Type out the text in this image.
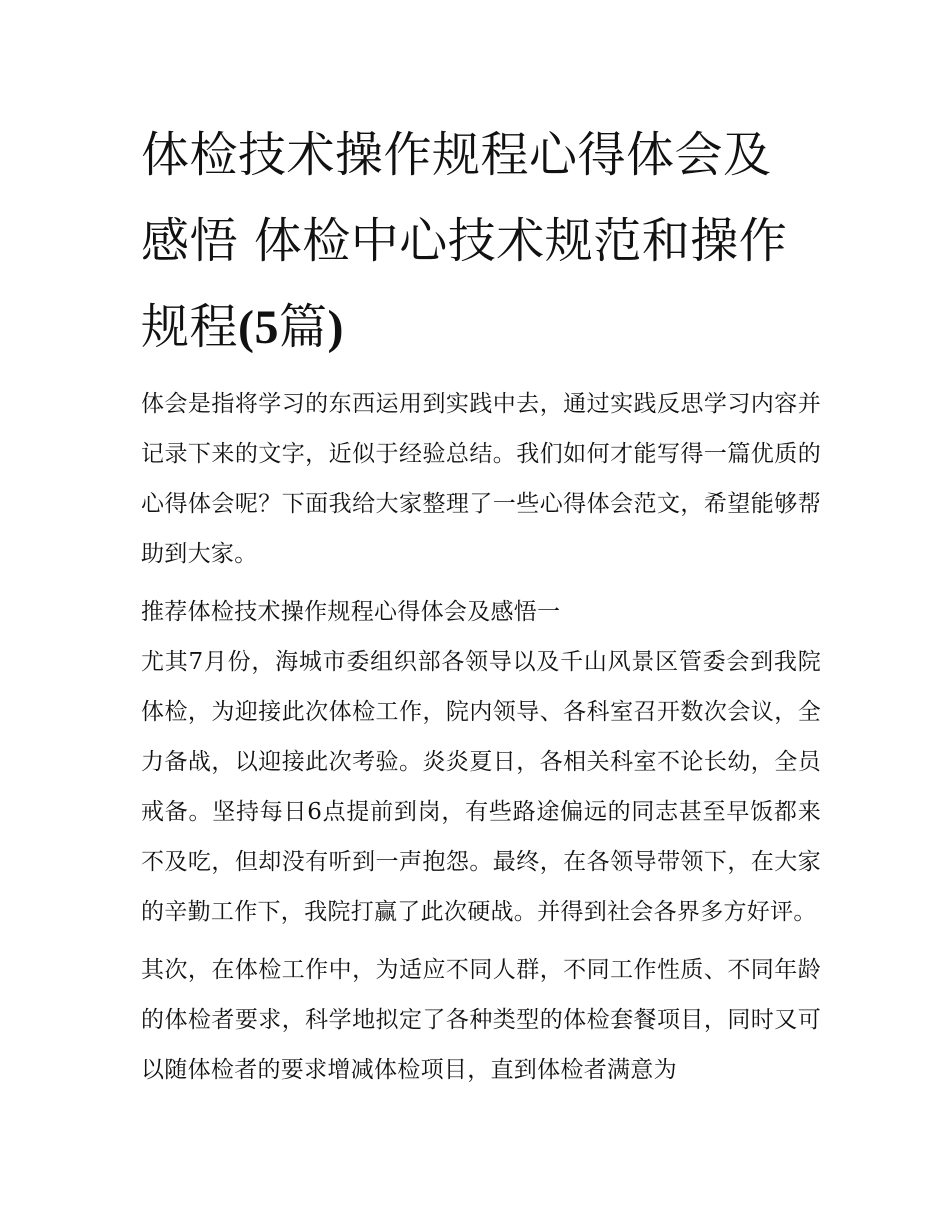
体检技术操作规程心得体会及
感悟 体检中心技术规范和操作
规程(5篇)

体会是指将学习的东西运用到实践中去，通过实践反思学习内容并记录下来的文字，近似于经验总结。我们如何才能写得一篇优质的心得体会呢？下面我给大家整理了一些心得体会范文，希望能够帮助到大家。

推荐体检技术操作规程心得体会及感悟一

尤其7月份，海城市委组织部各领导以及千山风景区管委会到我院体检，为迎接此次体检工作，院内领导、各科室召开数次会议，全力备战，以迎接此次考验。炎炎夏日，各相关科室不论长幼，全员戒备。坚持每日6点提前到岗，有些路途偏远的同志甚至早饭都来不及吃，但却没有听到一声抱怨。最终，在各领导带领下，在大家的辛勤工作下，我院打赢了此次硬战。并得到社会各界多方好评。

其次，在体检工作中，为适应不同人群，不同工作性质、不同年龄的体检者要求，科学地拟定了各种类型的体检套餐项目，同时又可以随体检者的要求增减体检项目，直到体检者满意为
